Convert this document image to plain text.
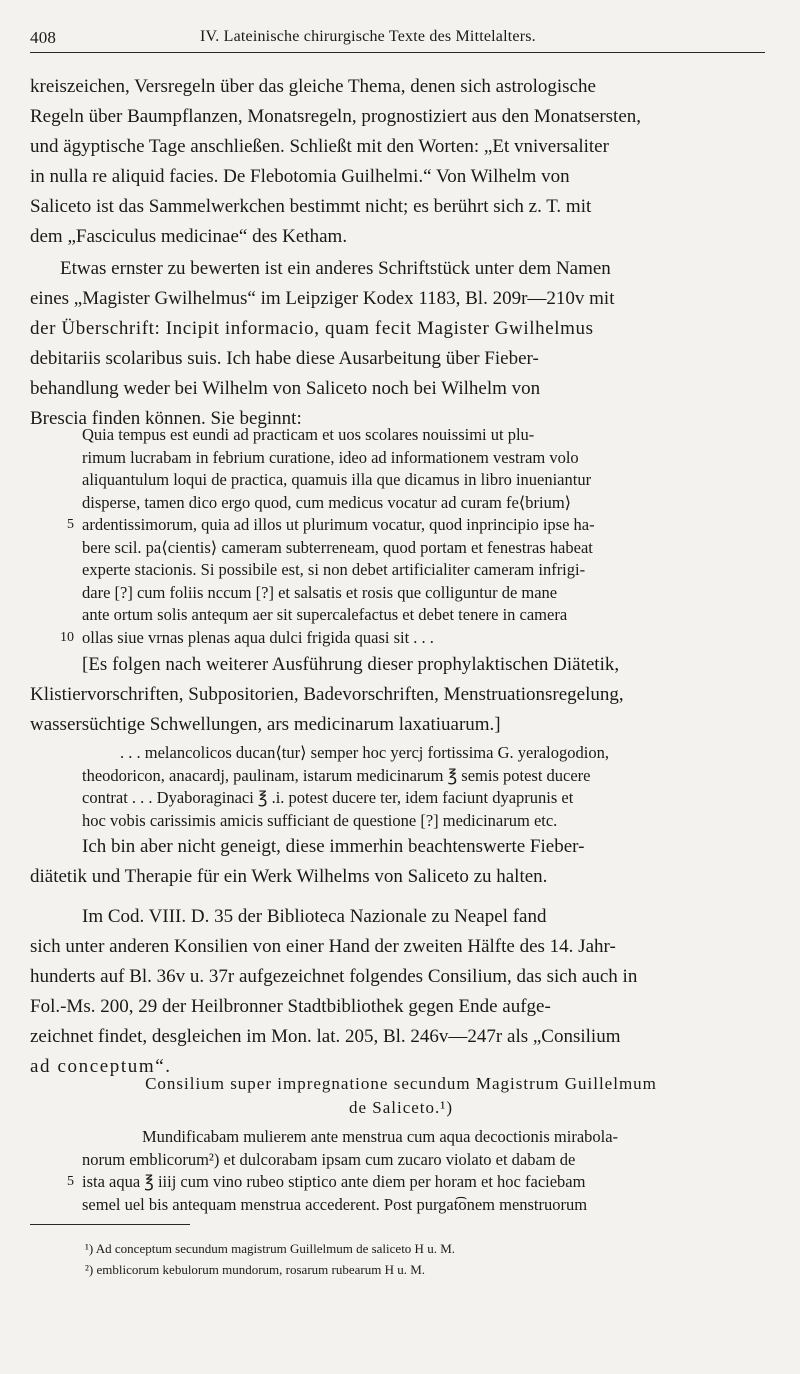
408	IV. Lateinische chirurgische Texte des Mittelalters.
kreiszeichen, Versregeln über das gleiche Thema, denen sich astrologische
Regeln über Baumpflanzen, Monatsregeln, prognostiziert aus den Monatsersten,
und ägyptische Tage anschließen. Schließt mit den Worten: „Et vniversaliter
in nulla re aliquid facies. De Flebotomia Guilhelmi.“ Von Wilhelm von
Saliceto ist das Sammelwerkchen bestimmt nicht; es berührt sich z. T. mit
dem „Fasciculus medicinae“ des Ketham.
Etwas ernster zu bewerten ist ein anderes Schriftstück unter dem Namen
eines „Magister Gwilhelmus“ im Leipziger Kodex 1183, Bl. 209r—210v mit
der Überschrift: Incipit informacio, quam fecit Magister Gwilhelmus
debitariis scolaribus suis. Ich habe diese Ausarbeitung über Fieber-
behandlung weder bei Wilhelm von Saliceto noch bei Wilhelm von
Brescia finden können. Sie beginnt:
Quia tempus est eundi ad practicam et uos scolares nouissimi ut plu-
rimum lucrabam in febrium curatione, ideo ad informationem vestram volo
aliquantulum loqui de practica, quamuis illa que dicamus in libro inueniantur
disperse, tamen dico ergo quod, cum medicus vocatur ad curam fe⟨brium⟩
5 ardentissimorum, quia ad illos ut plurimum vocatur, quod inprincipio ipse ha-
bere scil. pa⟨cientis⟩ cameram subterreneam, quod portam et fenestras habeat
experte stacionis. Si possibile est, si non debet artificialiter cameram infrigi-
dare [?] cum foliis nccum [?] et salsatis et rosis que colliguntur de mane
ante ortum solis antequm aer sit supercalefactus et debet tenere in camera
10 ollas siue vrnas plenas aqua dulci frigida quasi sit . . .
[Es folgen nach weiterer Ausführung dieser prophylaktischen Diätetik,
Klistiervorschriften, Subpositorien, Badevorschriften, Menstruationsregelung,
wassersüchtige Schwellungen, ars medicinarum laxatiuarum.]
. . . melancolicos ducan⟨tur⟩ semper hoc yercj fortissima G. yeralogodion,
theodoricon, anacardj, paulinam, istarum medicinarum ℥ semis potest ducere
contrat . . . Dyaboraginaci ℥ .i. potest ducere ter, idem faciunt dyaprunis et
hoc vobis carissimis amicis sufficiant de questione [?] medicinarum etc.
Ich bin aber nicht geneigt, diese immerhin beachtenswerte Fieber-
diätetik und Therapie für ein Werk Wilhelms von Saliceto zu halten.
Im Cod. VIII. D. 35 der Biblioteca Nazionale zu Neapel fand
sich unter anderen Konsilien von einer Hand der zweiten Hälfte des 14. Jahr-
hunderts auf Bl. 36v u. 37r aufgezeichnet folgendes Consilium, das sich auch in
Fol.-Ms. 200, 29 der Heilbronner Stadtbibliothek gegen Ende aufge-
zeichnet findet, desgleichen im Mon. lat. 205, Bl. 246v—247r als „Consilium
ad conceptum“.
Consilium super impregnatione secundum Magistrum Guillelmum
de Saliceto.¹)
Mundificabam mulierem ante menstrua cum aqua decoctionis mirabola-
norum emblicorum²) et dulcorabam ipsam cum zucaro violato et dabam de
5 ista aqua ℥ iiij cum vino rubeo stiptico ante diem per horam et hoc faciebam
semel uel bis antequam menstrua accederent. Post purgat͡onem menstruorum
¹) Ad conceptum secundum magistrum Guillelmum de saliceto H u. M.
²) emblicorum kebulorum mundorum, rosarum rubearum H u. M.
